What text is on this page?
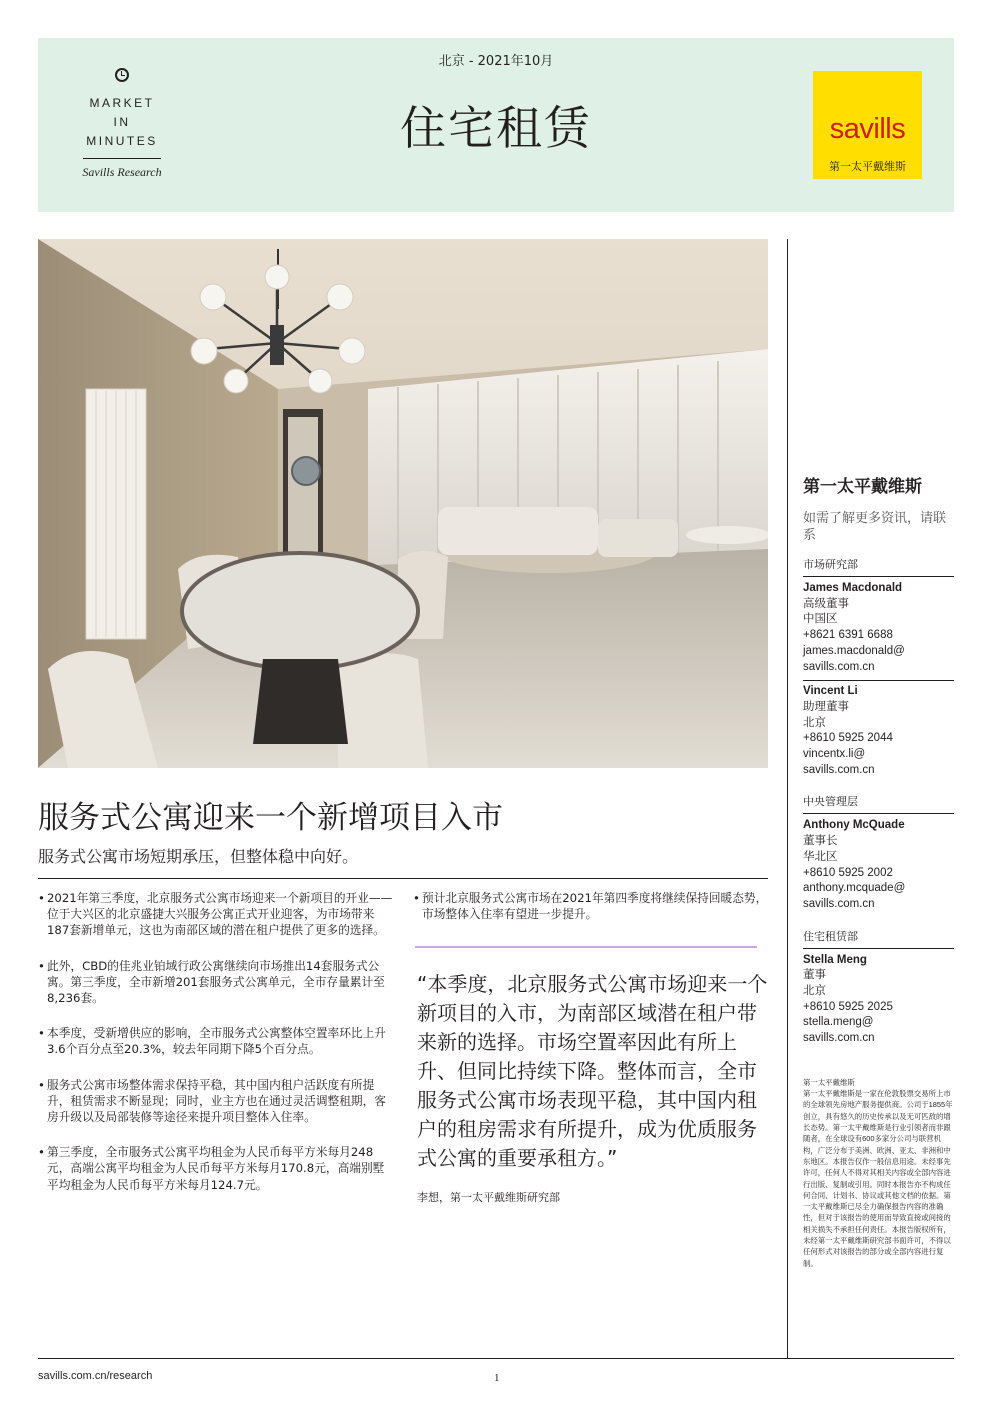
MARKET
IN
MINUTES
Savills Research
北京 - 2021年10月
住宅租赁	savills
第一太平戴维斯
第一太平戴维斯
如需了解更多资讯，请联系
市场研究部
James Macdonald
高级董事
中国区
+8621 6391 6688
james.macdonald@
savills.com.cn
Vincent Li
助理董事
北京
+8610 5925 2044
vincentx.li@
savills.com.cn
中央管理层
Anthony McQuade
董事长
华北区
+8610 5925 2002
anthony.mcquade@
savills.com.cn
住宅租赁部
Stella Meng
董事
北京
+8610 5925 2025
stella.meng@
savills.com.cn
第一太平戴维斯
第一太平戴维斯是一家在伦敦股票交易所上市的全球领先房地产服务提供商。公司于1855年创立，具有悠久的历史传承以及无可匹敌的增长态势。第一太平戴维斯是行业引领者而非跟随者，在全球设有600多家分公司与联营机构，广泛分布于美洲、欧洲、亚太、非洲和中东地区。本报告仅作一般信息用途。未经事先许可，任何人不得对其相关内容或全部内容进行出版、复制或引用。同时本报告亦不构成任何合同、计划书、协议或其他文档的依据。第一太平戴维斯已尽全力确保报告内容的准确性，但对于该报告的使用而导致直接或间接的相关损失不承担任何责任。本报告版权所有，未经第一太平戴维斯研究部书面许可，不得以任何形式对该报告的部分或全部内容进行复制。
服务式公寓迎来一个新增项目入市
服务式公寓市场短期承压，但整体稳中向好。
• 2021年第三季度，北京服务式公寓市场迎来一个新项目的开业——位于大兴区的北京盛捷大兴服务公寓正式开业迎客，为市场带来187套新增单元，这也为南部区域的潜在租户提供了更多的选择。
• 此外，CBD的佳兆业铂域行政公寓继续向市场推出14套服务式公寓。第三季度，全市新增201套服务式公寓单元，全市存量累计至8,236套。
• 本季度，受新增供应的影响，全市服务式公寓整体空置率环比上升3.6个百分点至20.3%，较去年同期下降5个百分点。
• 服务式公寓市场整体需求保持平稳，其中国内租户活跃度有所提升，租赁需求不断显现；同时，业主方也在通过灵活调整租期，客房升级以及局部装修等途径来提升项目整体入住率。
• 第三季度，全市服务式公寓平均租金为人民币每平方米每月248元，高端公寓平均租金为人民币每平方米每月170.8元，高端别墅平均租金为人民币每平方米每月124.7元。
• 预计北京服务式公寓市场在2021年第四季度将继续保持回暖态势，市场整体入住率有望进一步提升。
“本季度，北京服务式公寓市场迎来一个新项目的入市，为南部区域潜在租户带来新的选择。市场空置率因此有所上升、但同比持续下降。整体而言，全市服务式公寓市场表现平稳，其中国内租户的租房需求有所提升，成为优质服务式公寓的重要承租方。”
李想，第一太平戴维斯研究部
savills.com.cn/research	1
